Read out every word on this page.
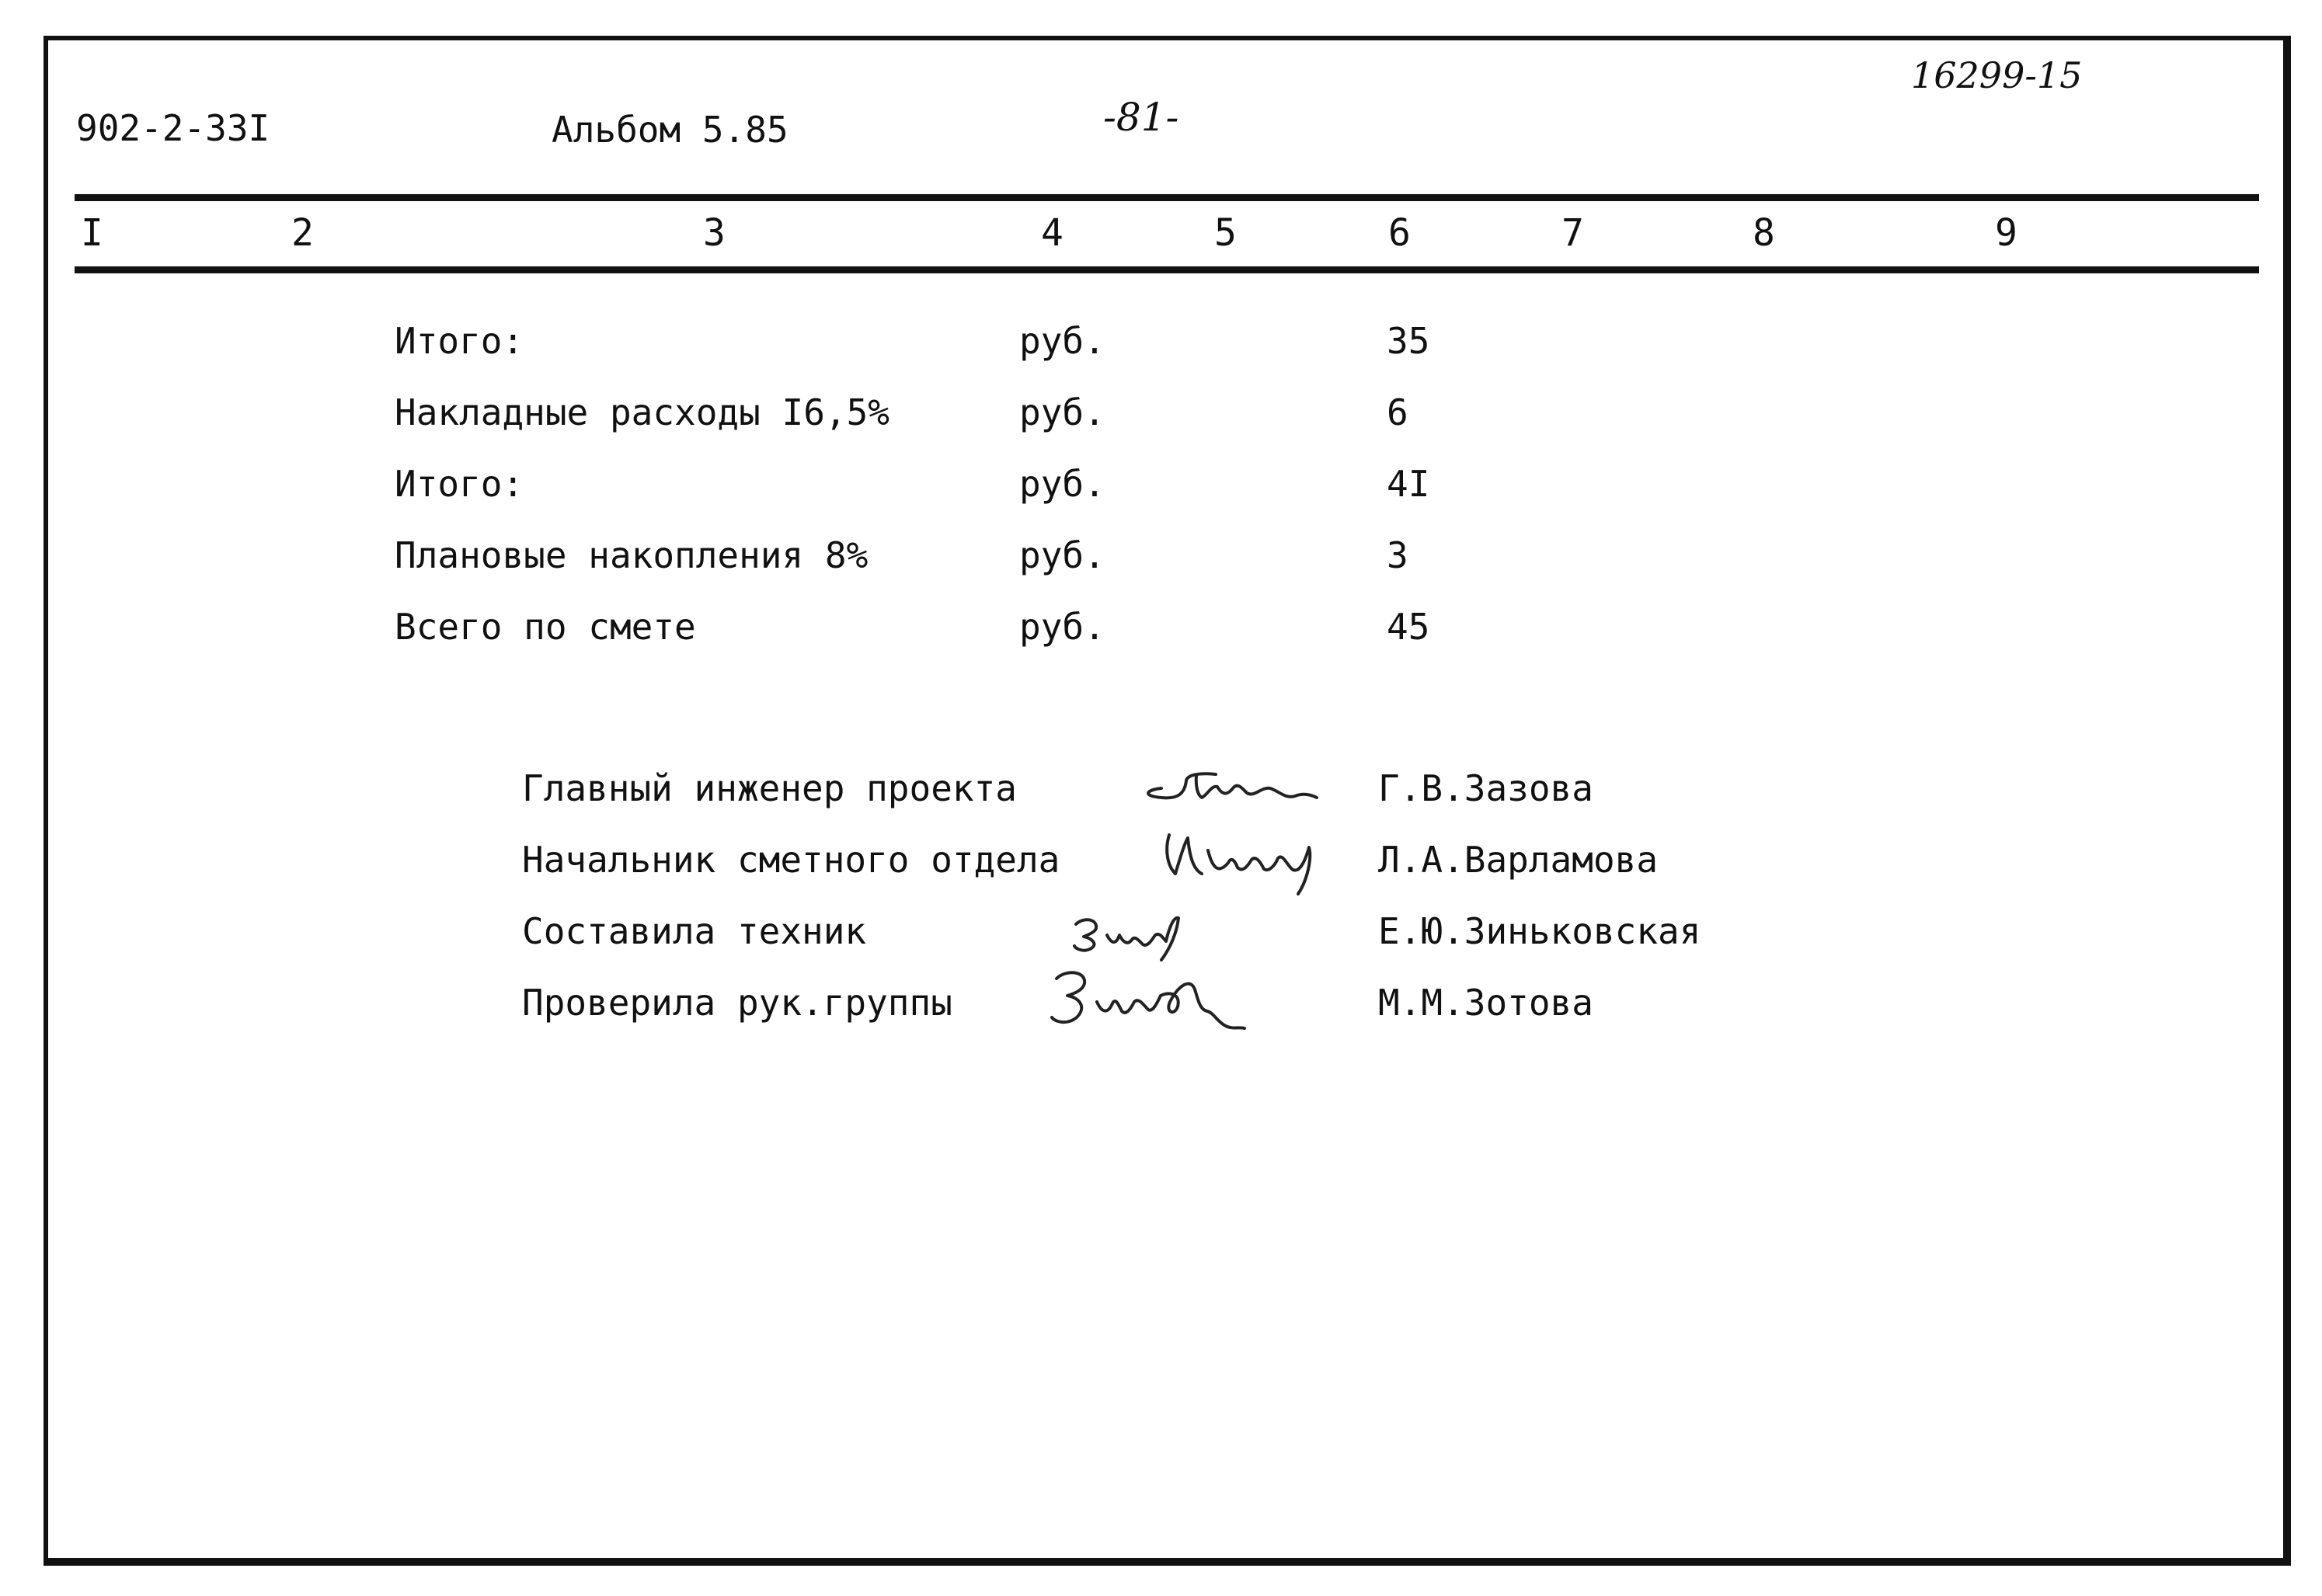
902-2-33I	Альбом 5.85	-81-
16299-15
I	2	3	4	5	6	7	8	9
Итого:	руб.	35
Накладные расходы I6,5%	руб.	6
Итого:	руб.	4I
Плановые накопления 8%	руб.	3
Всего по смете	руб.	45
Главный инженер проекта	Г.В.Зазова
Начальник сметного отдела	Л.А.Варламова
Составила техник	Е.Ю.Зиньковская
Проверила рук.группы	М.М.Зотова
